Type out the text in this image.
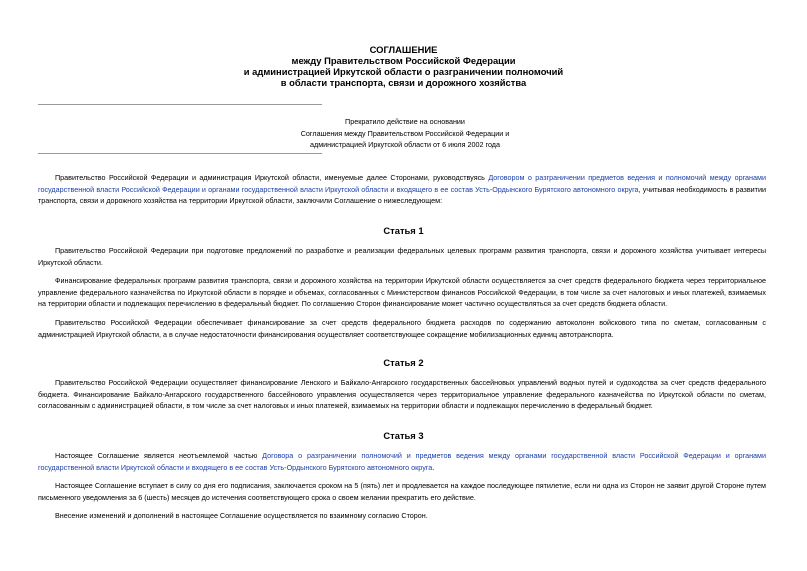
СОГЛАШЕНИЕ
между Правительством Российской Федерации
и администрацией Иркутской области о разграничении полномочий
в области транспорта, связи и дорожного хозяйства
Прекратило действие на основании
Соглашения между Правительством Российской Федерации и
администрацией Иркутской области от 6 июля 2002 года

Правительство Российской Федерации и администрация Иркутской области, именуемые далее Сторонами, руководствуясь Договором о разграничении предметов ведения и полномочий между органами государственной власти Российской Федерации и органами государственной власти Иркутской области и входящего в ее состав Усть-Ордынского Бурятского автономного округа, учитывая необходимость в развитии транспорта, связи и дорожного хозяйства на территории Иркутской области, заключили Соглашение о нижеследующем:

Статья 1

Правительство Российской Федерации при подготовке предложений по разработке и реализации федеральных целевых программ развития транспорта, связи и дорожного хозяйства учитывает интересы Иркутской области.

Финансирование федеральных программ развития транспорта, связи и дорожного хозяйства на территории Иркутской области осуществляется за счет средств федерального бюджета через территориальное управление федерального казначейства по Иркутской области в порядке и объемах, согласованных с Министерством финансов Российской Федерации, в том числе за счет налоговых и иных платежей, взимаемых на территории области и подлежащих перечислению в федеральный бюджет. По соглашению Сторон финансирование может частично осуществляться за счет средств бюджета области.

Правительство Российской Федерации обеспечивает финансирование за счет средств федерального бюджета расходов по содержанию автоколонн войскового типа по сметам, согласованным с администрацией Иркутской области, а в случае недостаточности финансирования осуществляет соответствующее сокращение мобилизационных единиц автотранспорта.

Статья 2

Правительство Российской Федерации осуществляет финансирование Ленского и Байкало-Ангарского государственных бассейновых управлений водных путей и судоходства за счет средств федерального бюджета. Финансирование Байкало-Ангарского государственного бассейнового управления осуществляется через территориальное управление федерального казначейства по Иркутской области по сметам, согласованным с администрацией области, в том числе за счет налоговых и иных платежей, взимаемых на территории области и подлежащих перечислению в федеральный бюджет.

Статья 3

Настоящее Соглашение является неотъемлемой частью Договора о разграничении полномочий и предметов ведения между органами государственной власти Российской Федерации и органами государственной власти Иркутской области и входящего в ее состав Усть-Ордынского Бурятского автономного округа.

Настоящее Соглашение вступает в силу со дня его подписания, заключается сроком на 5 (пять) лет и продлевается на каждое последующее пятилетие, если ни одна из Сторон не заявит другой Стороне путем письменного уведомления за 6 (шесть) месяцев до истечения соответствующего срока о своем желании прекратить его действие.

Внесение изменений и дополнений в настоящее Соглашение осуществляется по взаимному согласию Сторон.
